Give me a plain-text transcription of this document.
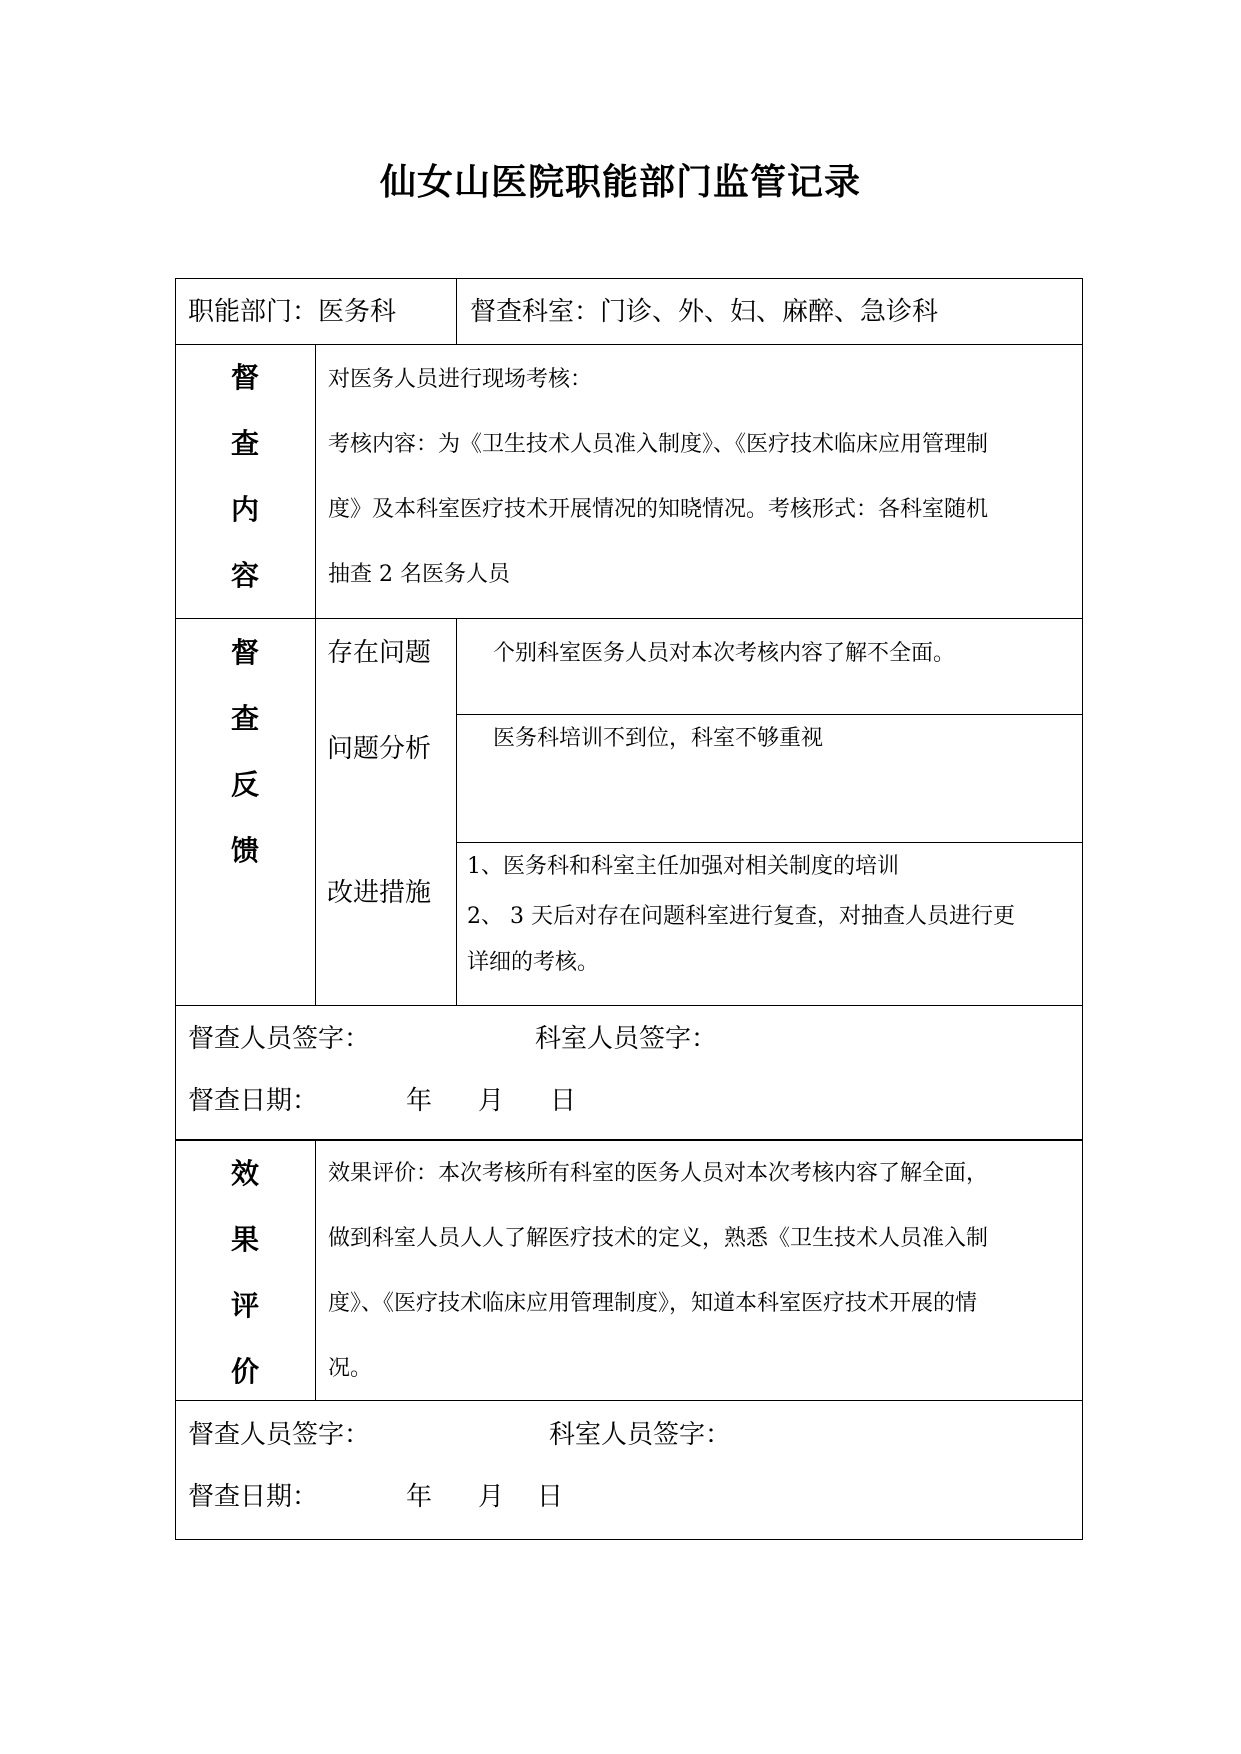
仙女山医院职能部门监管记录
职能部门：医务科	督查科室：门诊、外、妇、麻醉、急诊科
督
查
内
容
对医务人员进行现场考核：
考核内容：为《卫生技术人员准入制度》、《医疗技术临床应用管理制
度》及本科室医疗技术开展情况的知晓情况。考核形式：各科室随机
抽查 2 名医务人员
督
查
反
馈
存在问题	个别科室医务人员对本次考核内容了解不全面。
问题分析	医务科培训不到位，科室不够重视
改进措施
1、医务科和科室主任加强对相关制度的培训
2、 3 天后对存在问题科室进行复查，对抽查人员进行更
详细的考核。
督查人员签字：	科室人员签字：
督查日期：	年 月 日
效
果
评
价
效果评价：本次考核所有科室的医务人员对本次考核内容了解全面，
做到科室人员人人了解医疗技术的定义，熟悉《卫生技术人员准入制
度》、《医疗技术临床应用管理制度》，知道本科室医疗技术开展的情
况。
督查人员签字：	科室人员签字：
督查日期：	年 月 日
